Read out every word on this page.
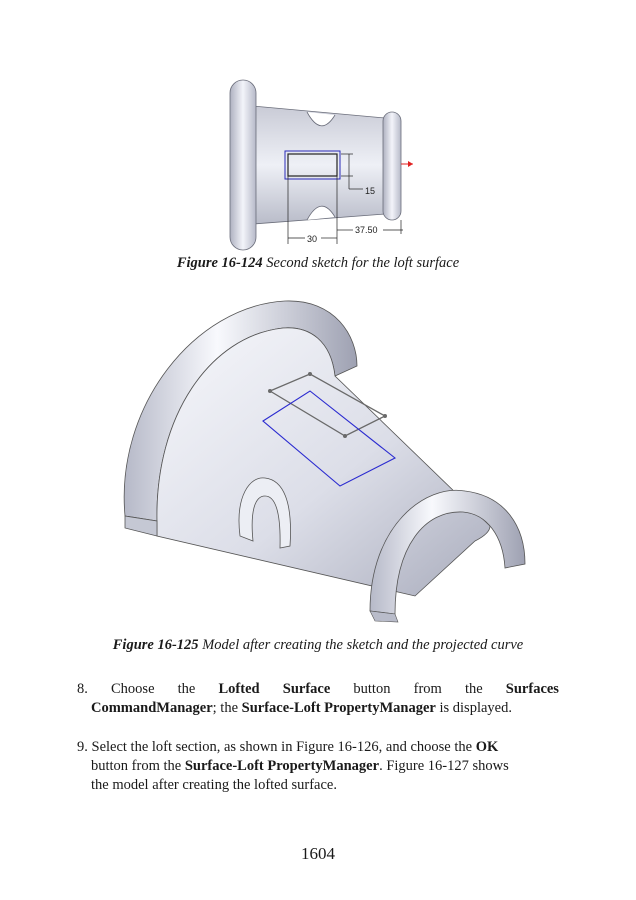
15
30
37.50
Figure 16-124 Second sketch for the loft surface
Figure 16-125 Model after creating the sketch and the projected curve
8. Choose the Lofted Surface button from the Surfaces
CommandManager; the Surface-Loft PropertyManager is displayed.
9. Select the loft section, as shown in Figure 16-126, and choose the OK
button from the Surface-Loft PropertyManager. Figure 16-127 shows
the model after creating the lofted surface.
1604
